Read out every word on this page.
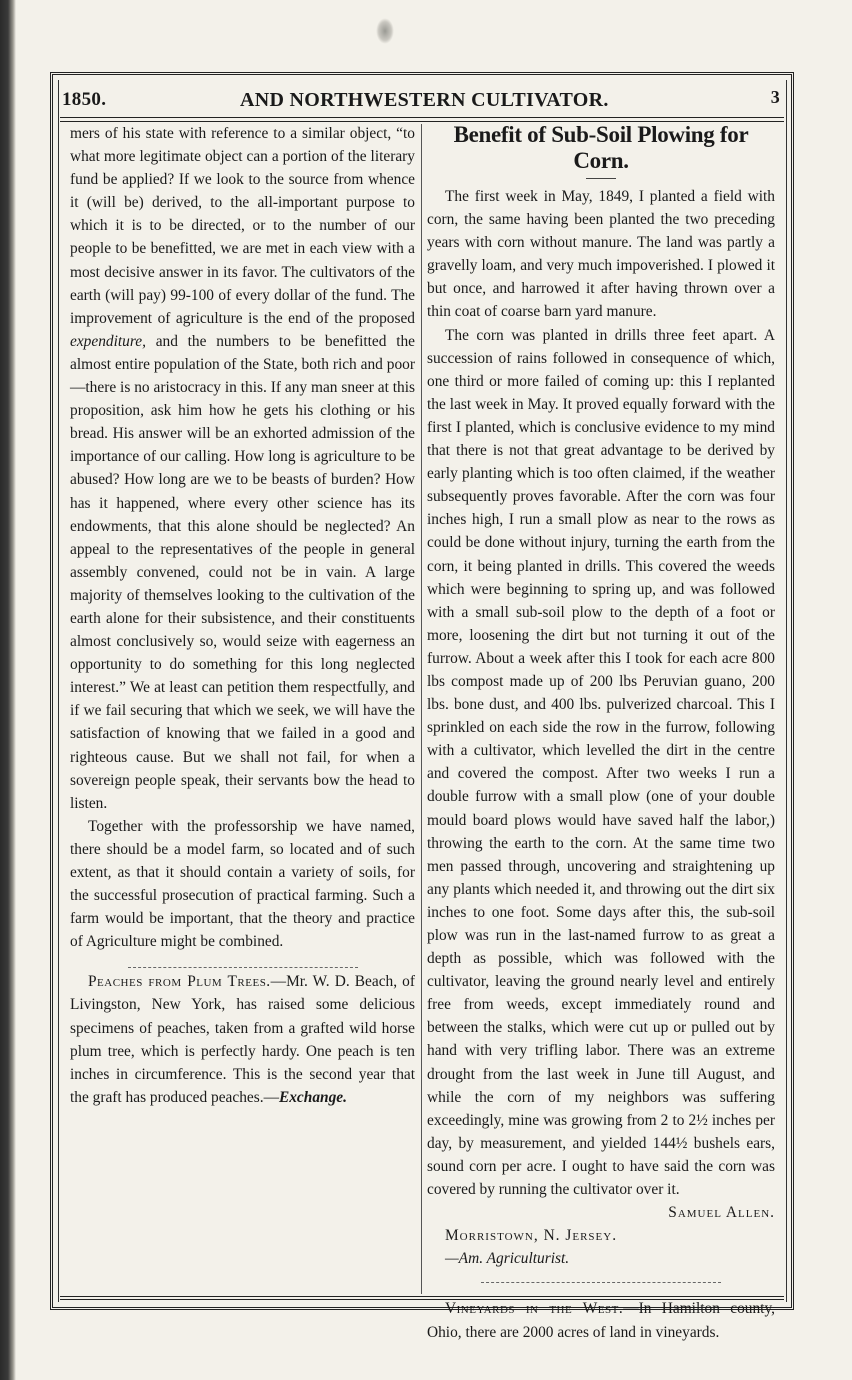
1850.	AND NORTHWESTERN CULTIVATOR.	3

mers of his state with reference to a similar object, “to what more legitimate object can a portion of the literary fund be applied? If we look to the source from whence it (will be) derived, to the all-important purpose to which it is to be directed, or to the number of our people to be benefitted, we are met in each view with a most decisive answer in its favor. The cultivators of the earth (will pay) 99-100 of every dollar of the fund. The improvement of agriculture is the end of the proposed expenditure, and the numbers to be benefitted the almost entire population of the State, both rich and poor—there is no aristocracy in this. If any man sneer at this proposition, ask him how he gets his clothing or his bread. His answer will be an exhorted admission of the importance of our calling. How long is agriculture to be abused? How long are we to be beasts of burden? How has it happened, where every other science has its endowments, that this alone should be neglected? An appeal to the representatives of the people in general assembly convened, could not be in vain. A large majority of themselves looking to the cultivation of the earth alone for their subsistence, and their constituents almost conclusively so, would seize with eagerness an opportunity to do something for this long neglected interest.” We at least can petition them respectfully, and if we fail securing that which we seek, we will have the satisfaction of knowing that we failed in a good and righteous cause. But we shall not fail, for when a sovereign people speak, their servants bow the head to listen.

Together with the professorship we have named, there should be a model farm, so located and of such extent, as that it should contain a variety of soils, for the successful prosecution of practical farming. Such a farm would be important, that the theory and practice of Agriculture might be combined.

Peaches from Plum Trees.—Mr. W. D. Beach, of Livingston, New York, has raised some delicious specimens of peaches, taken from a grafted wild horse plum tree, which is perfectly hardy. One peach is ten inches in circumference. This is the second year that the graft has produced peaches.—Exchange.

Benefit of Sub-Soil Plowing for Corn.

The first week in May, 1849, I planted a field with corn, the same having been planted the two preceding years with corn without manure. The land was partly a gravelly loam, and very much impoverished. I plowed it but once, and harrowed it after having thrown over a thin coat of coarse barn yard manure.

The corn was planted in drills three feet apart. A succession of rains followed in consequence of which, one third or more failed of coming up: this I replanted the last week in May. It proved equally forward with the first I planted, which is conclusive evidence to my mind that there is not that great advantage to be derived by early planting which is too often claimed, if the weather subsequently proves favorable. After the corn was four inches high, I run a small plow as near to the rows as could be done without injury, turning the earth from the corn, it being planted in drills. This covered the weeds which were beginning to spring up, and was followed with a small sub-soil plow to the depth of a foot or more, loosening the dirt but not turning it out of the furrow. About a week after this I took for each acre 800 lbs compost made up of 200 lbs Peruvian guano, 200 lbs. bone dust, and 400 lbs. pulverized charcoal. This I sprinkled on each side the row in the furrow, following with a cultivator, which levelled the dirt in the centre and covered the compost. After two weeks I run a double furrow with a small plow (one of your double mould board plows would have saved half the labor,) throwing the earth to the corn. At the same time two men passed through, uncovering and straightening up any plants which needed it, and throwing out the dirt six inches to one foot. Some days after this, the sub-soil plow was run in the last-named furrow to as great a depth as possible, which was followed with the cultivator, leaving the ground nearly level and entirely free from weeds, except immediately round and between the stalks, which were cut up or pulled out by hand with very trifling labor. There was an extreme drought from the last week in June till August, and while the corn of my neighbors was suffering exceedingly, mine was growing from 2 to 2½ inches per day, by measurement, and yielded 144½ bushels ears, sound corn per acre. I ought to have said the corn was covered by running the cultivator over it.

Samuel Allen.

Morristown, N. Jersey.

—Am. Agriculturist.

Vineyards in the West.—In Hamilton county, Ohio, there are 2000 acres of land in vineyards.
